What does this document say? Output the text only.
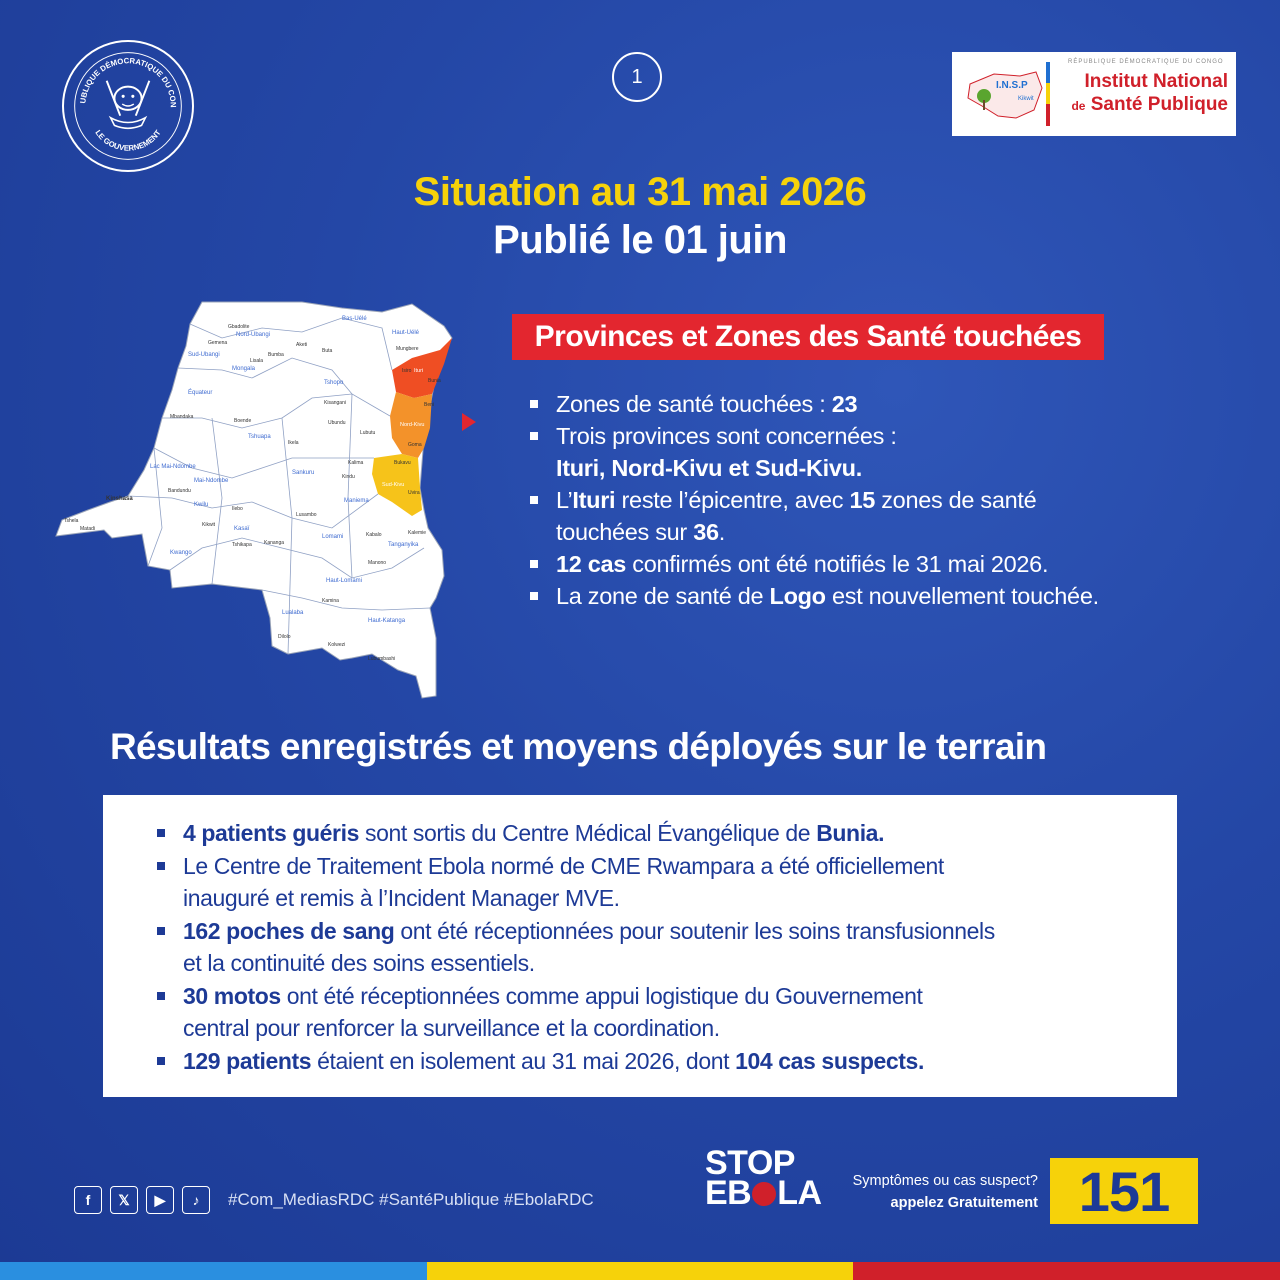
UBLIQUE DÉMOCRATIQUE DU CON
LE GOUVERNEMENT
1
RÉPUBLIQUE DÉMOCRATIQUE DU CONGO
I.N.S.P
Kikwit
Institut National
de Santé Publique
Situation au 31 mai 2026
Publié le 01 juin
Bas-Uélé
Haut-Uélé
Nord-Ubangi
Sud-Ubangi
Mongala
Tshopo
Équateur
Tshuapa
Sankuru
Maniema
Lac Mai-Ndombe
Mai-Ndombe
Kwilu
Kwango
Kasaï
Lomami
Tanganyika
Haut-Lomami
Lualaba
Haut-Katanga
Kinshasa
Ituri
Nord-Kivu
Sud-Kivu
Gbadolite
Gemena
Lisala
Bumba
Buta
Aketi
Isiro
Mungbere
Kisangani
Ubundu
Lubutu
Mbandaka
Boende
Ikela
Kindu
Kalima
Bandundu
Kikwit
Ilebo
Tshikapa Kananga
Lusambo
Kabalo	Kalemie
Manono
Kamina
Dilolo
Kolwezi
Lubumbashi
Matadi
Tshela
Bunia
Beni
Goma
Bukavu
Uvira
Provinces et Zones des Santé touchées
Zones de santé touchées : 23
Trois provinces sont concernées :
Ituri, Nord-Kivu et Sud-Kivu.
L’Ituri reste l’épicentre, avec 15 zones de santé
touchées sur 36.
12 cas confirmés ont été notifiés le 31 mai 2026.
La zone de santé de Logo est nouvellement touchée.
Résultats enregistrés et moyens déployés sur le terrain
4 patients guéris sont sortis du Centre Médical Évangélique de Bunia.
Le Centre de Traitement Ebola normé de CME Rwampara a été officiellement
inauguré et remis à l’Incident Manager MVE.
162 poches de sang ont été réceptionnées pour soutenir les soins transfusionnels
et la continuité des soins essentiels.
30 motos ont été réceptionnées comme appui logistique du Gouvernement
central pour renforcer la surveillance et la coordination.
129 patients étaient en isolement au 31 mai 2026, dont 104 cas suspects.
f	𝕏	▶	♪	#Com_MediasRDC #SantéPublique #EbolaRDC
STOP
EB LA	Symptômes ou cas suspect?
appelez Gratuitement 151
